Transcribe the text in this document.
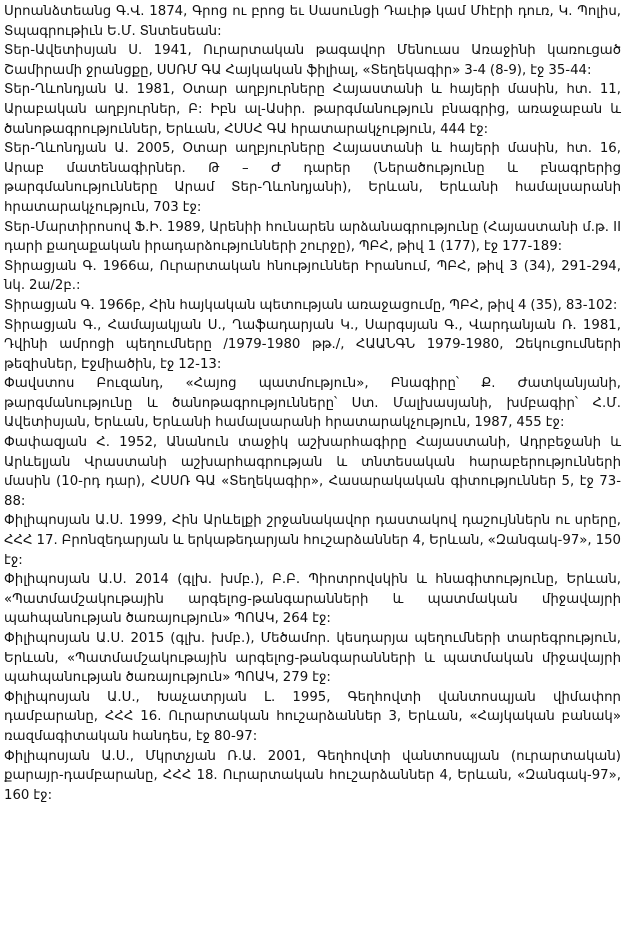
Սրոանձտեանց Գ.Վ. 1874, Գրոց ու բրոց եւ Սասունցի Դաւիթ կամ Մհէրի դուռ, Կ. Պոլիս, Տպագրութիւն Ե.Մ. Տնտեսեան:

Տեր-Ավետիսյան Ս. 1941, Ուրարտական թագավոր Մենուաս Առաջինի կառուցած Շամիրամի ջրանցքը, ՍՍՌՄ ԳԱ Հայկական ֆիլիալ, «Տեղեկագիր» 3-4 (8-9), էջ 35-44:

Տեր-Ղևոնդյան Ա. 1981, Օտար աղբյուրները Հայաստանի և հայերի մասին, հտ. 11, Արաբական աղբյուրներ, Բ: Իբն ալ-Ասիր. թարգմանություն բնագրից, առաջաբան և ծանոթագրություններ, Երևան, ՀՍՍՀ ԳԱ հրատարակչություն, 444 էջ:

Տեր-Ղևոնդյան Ա. 2005, Օտար աղբյուրները Հայաստանի և հայերի մասին, հտ. 16, Արաբ մատենագիրներ. Թ – Ժ դարեր (Ներածությունը և բնագրերից թարգմանությունները Արամ Տեր-Ղևոնդյանի), Երևան, Երևանի համալսարանի հրատարակչություն, 703 էջ:

Տեր-Մարտիրոսով Ֆ.Ի. 1989, Արենիի հունարեն արձանագրությունը (Հայաստանի մ.թ. II դարի քաղաքական իրադարձությունների շուրջը), ՊԲՀ, թիվ 1 (177), էջ 177-189:

Տիրացյան Գ. 1966ա, Ուրարտական հնություններ Իրանում, ՊԲՀ, թիվ 3 (34), 291-294, նկ. 2ա/2բ.:

Տիրացյան Գ. 1966բ, Հին հայկական պետության առաջացումը, ՊԲՀ, թիվ 4 (35), 83-102:

Տիրացյան Գ., Համայակյան Ս., Ղաֆադարյան Կ., Սարգսյան Գ., Վարդանյան Ռ. 1981, Դվինի ամրոցի պեղումները /1979-1980 թթ./, ՀԱԱՆԳՆ 1979-1980, Զեկուցումների թեզիսներ, Էջմիածին, էջ 12-13:

Փավստոս Բուզանդ, «Հայոց պատմություն», Բնագիրը՝ Ք. Ժատկանյանի, թարգմանությունը և ծանոթագրությունները՝ Ստ. Մալխասյանի, խմբագիր՝ Հ.Մ. Ավետիսյան, Երևան, Երևանի համալսարանի հրատարակչություն, 1987, 455 էջ:

Փափազյան Հ. 1952, Անանուն տաջիկ աշխարհագիրը Հայաստանի, Ադրբեջանի և Արևելյան Վրաստանի աշխարհագրության և տնտեսական հարաբերությունների մասին (10-րդ դար), ՀՍՍՌ ԳԱ «Տեղեկագիր», Հասարակական գիտություններ 5, էջ 73-88:

Փիլիպոսյան Ա.Ս. 1999, Հին Արևելքի շրջանակավոր դաստակով դաշույններն ու սրերը, ՀՀՀ 17. Բրոնզեդարյան և երկաթեդարյան հուշարձաններ 4, Երևան, «Զանգակ-97», 150 էջ:

Փիլիպոսյան Ա.Ս. 2014 (գլխ. խմբ.), Բ.Բ. Պիոտրովսկին և հնագիտությունը, Երևան, «Պատմամշակութային արգելոց-թանգարանների և պատմական միջավայրի պահպանության ծառայություն» ՊՈԱԿ, 264 էջ:

Փիլիպոսյան Ա.Ս. 2015 (գլխ. խմբ.), Մեծամոր. կեսդարյա պեղումների տարեգրություն, Երևան, «Պատմամշակութային արգելոց-թանգարանների և պատմական միջավայրի պահպանության ծառայություն» ՊՈԱԿ, 279 էջ:

Փիլիպոսյան Ա.Ս., Խաչատրյան Լ. 1995, Գեղհովտի վանտոսպյան վիմափոր դամբարանը, ՀՀՀ 16. Ուրարտական հուշարձաններ 3, Երևան, «Հայկական բանակ» ռազմագիտական հանդես, էջ 80-97:

Փիլիպոսյան Ա.Ս., Մկրտչյան Ռ.Ա. 2001, Գեղհովտի վանտոսպյան (ուրարտական) քարայր-դամբարանը, ՀՀՀ 18. Ուրարտական հուշարձաններ 4, Երևան, «Զանգակ-97», 160 էջ:
